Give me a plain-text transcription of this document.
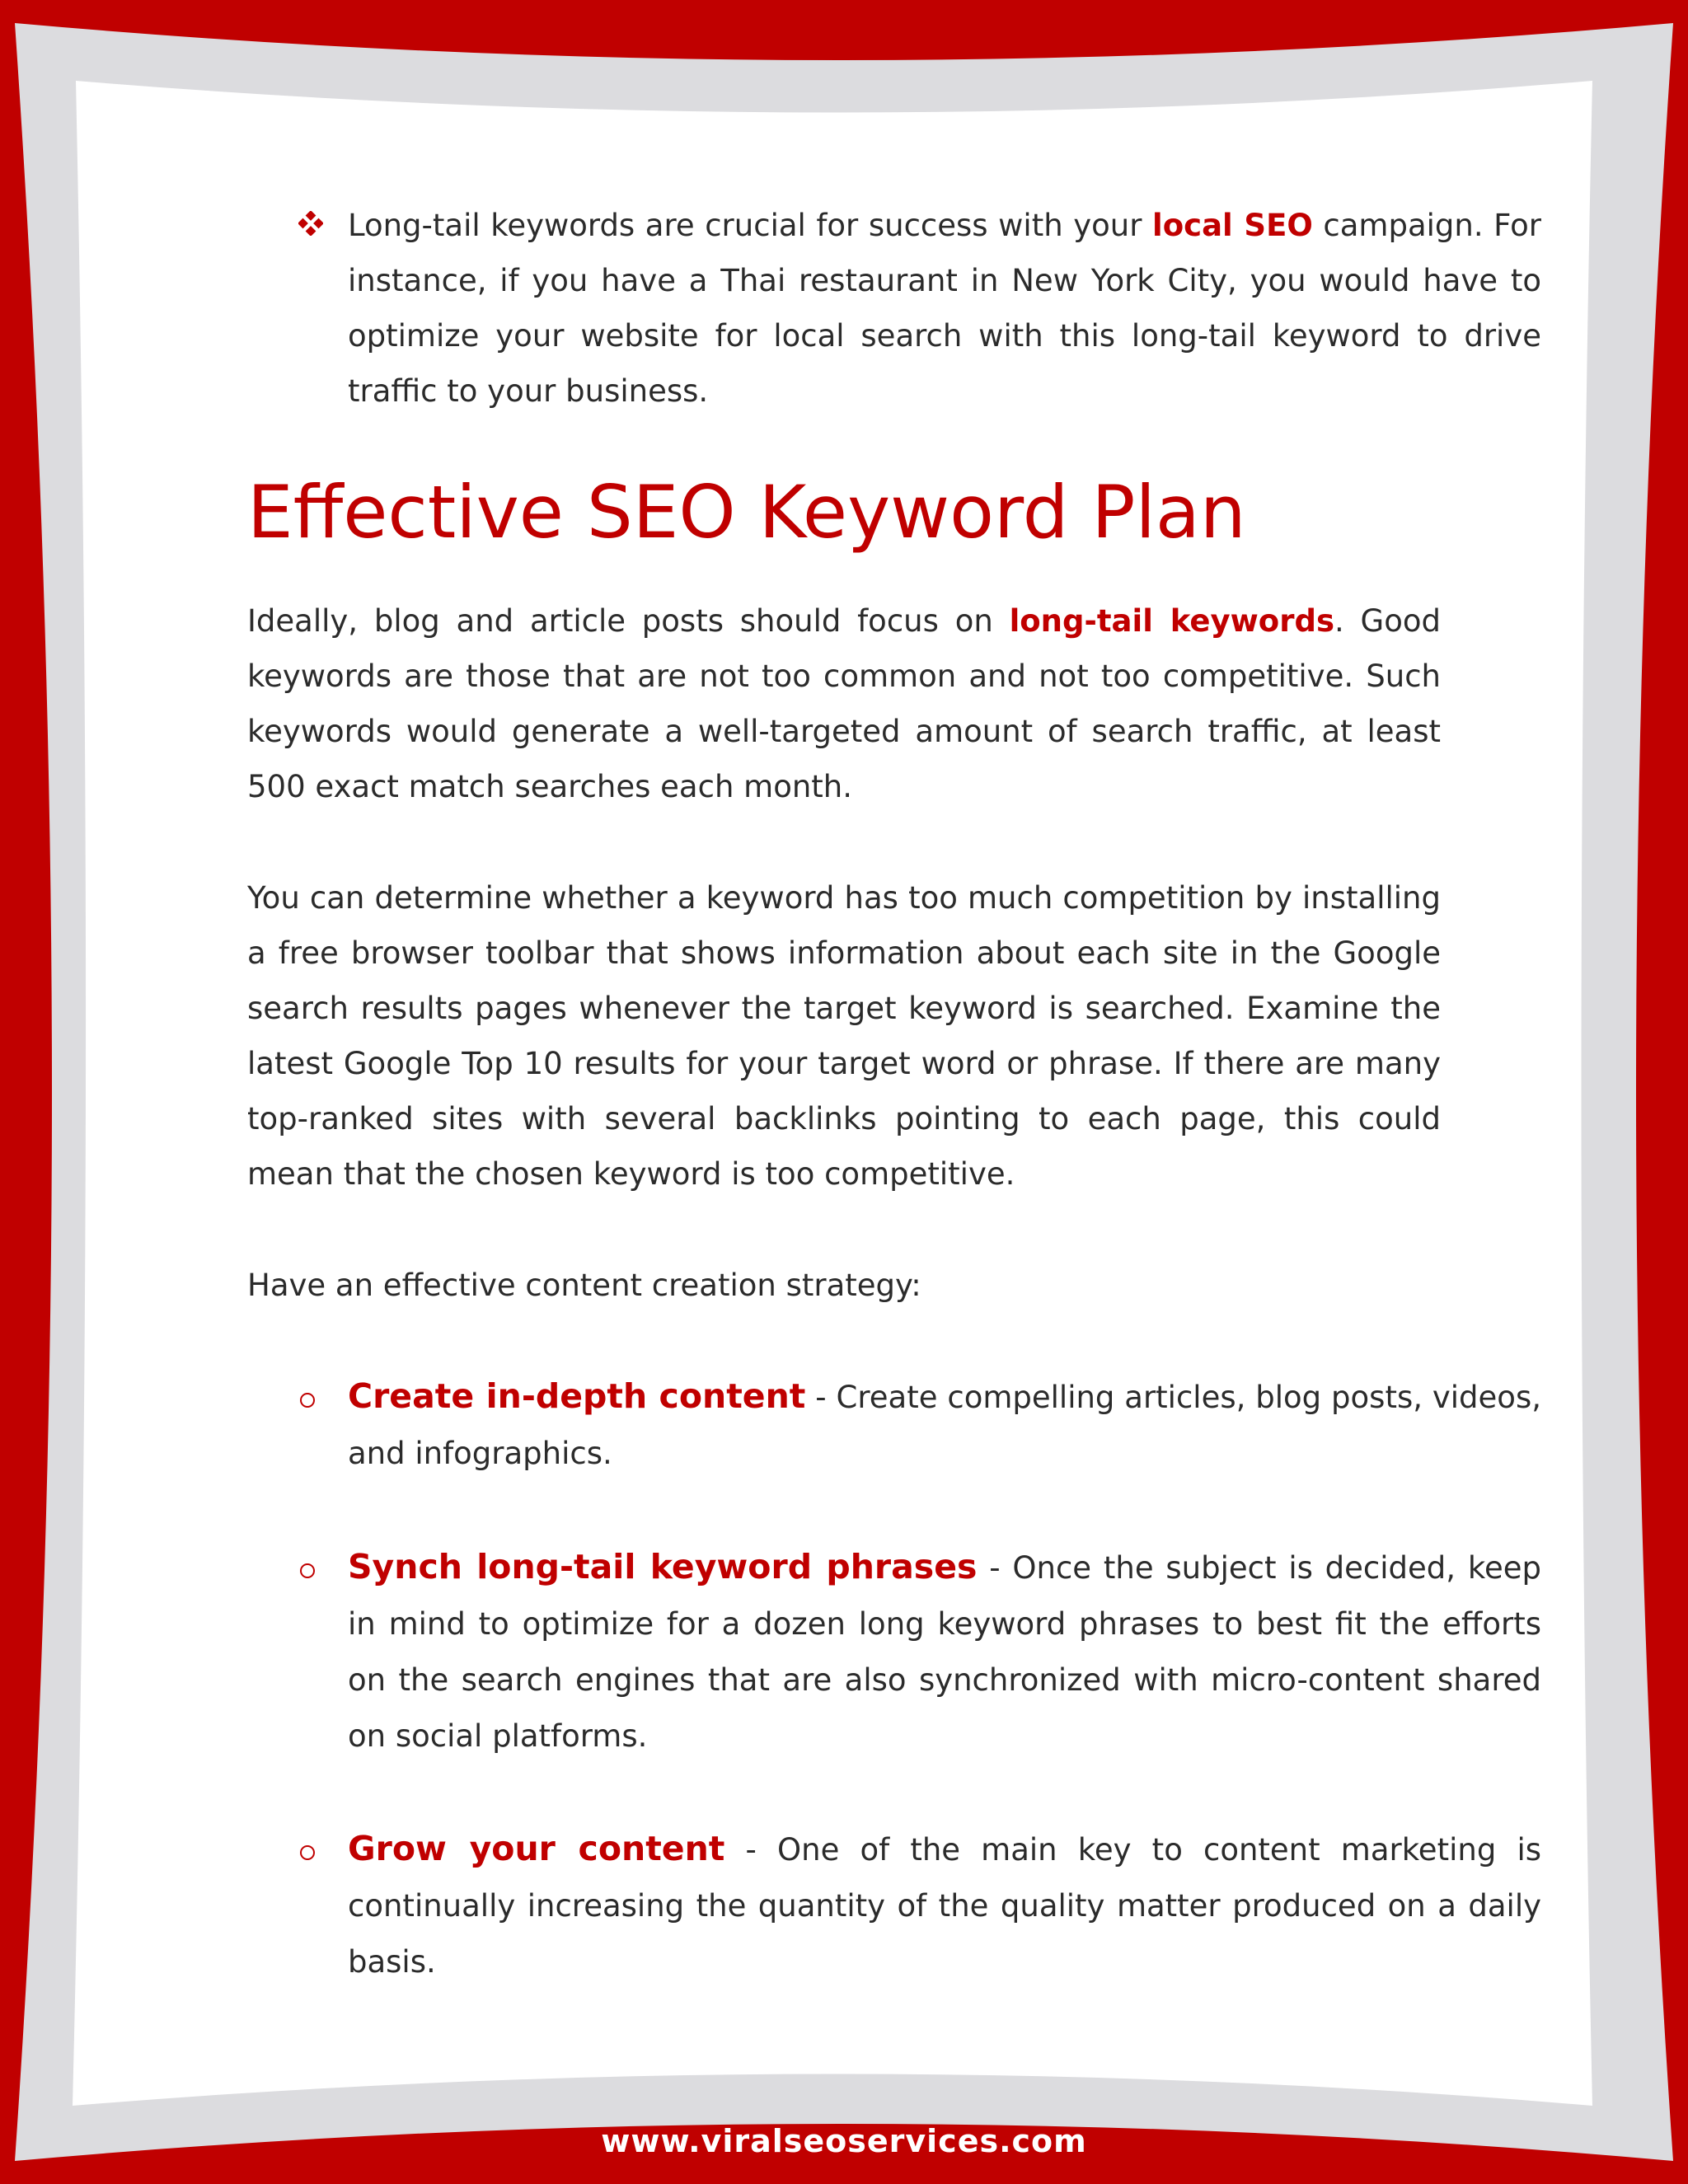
Long-tail keywords are crucial for success with your local SEO campaign. For instance, if you have a Thai restaurant in New York City, you would have to optimize your website for local search with this long-tail keyword to drive traffic to your business.

Effective SEO Keyword Plan

Ideally, blog and article posts should focus on long-tail keywords. Good keywords are those that are not too common and not too competitive. Such keywords would generate a well-targeted amount of search traffic, at least 500 exact match searches each month.

You can determine whether a keyword has too much competition by installing a free browser toolbar that shows information about each site in the Google search results pages whenever the target keyword is searched. Examine the latest Google Top 10 results for your target word or phrase. If there are many top-ranked sites with several backlinks pointing to each page, this could mean that the chosen keyword is too competitive.

Have an effective content creation strategy:

Create in-depth content - Create compelling articles, blog posts, videos, and infographics.

Synch long-tail keyword phrases - Once the subject is decided, keep in mind to optimize for a dozen long keyword phrases to best fit the efforts on the search engines that are also synchronized with micro-content shared on social platforms.

Grow your content - One of the main key to content marketing is continually increasing the quantity of the quality matter produced on a daily basis.

www.viralseoservices.com
